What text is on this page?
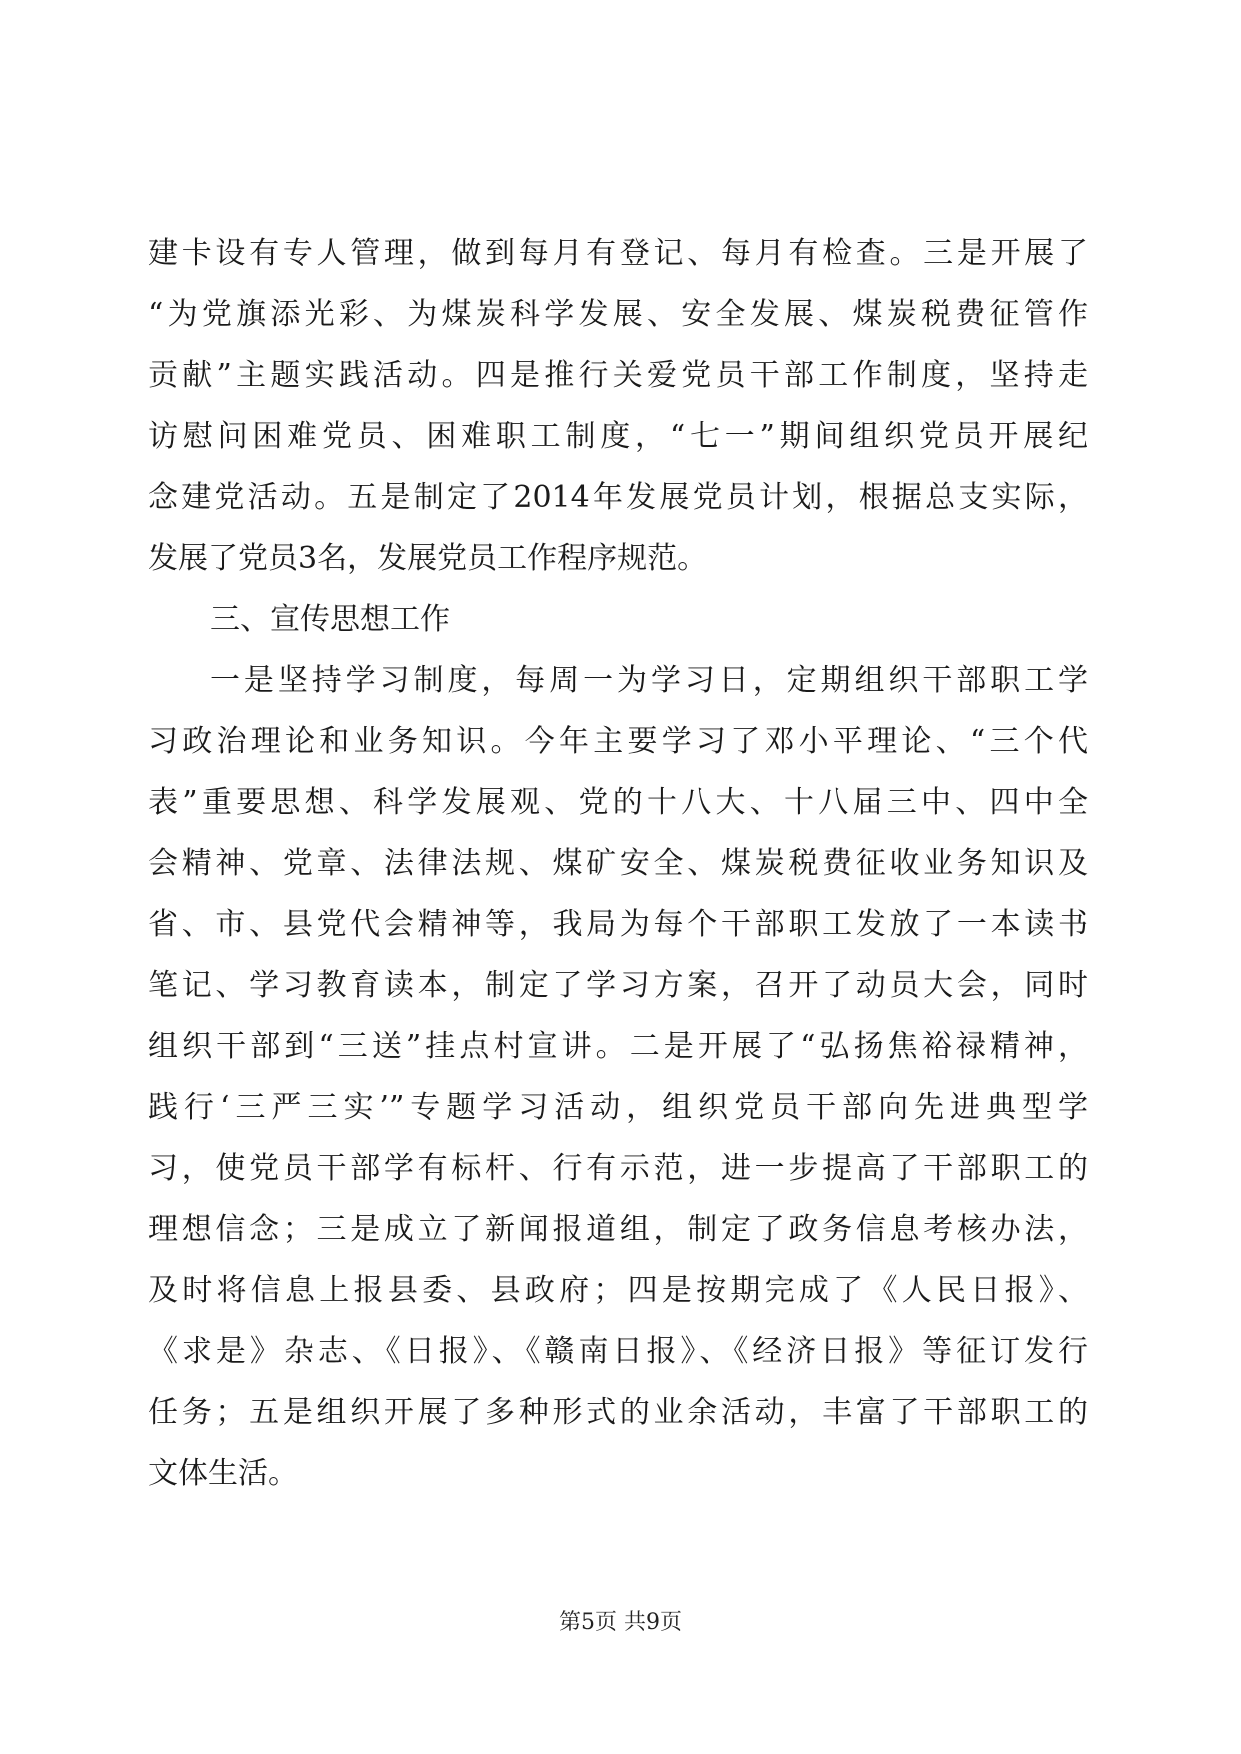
建卡设有专人管理，做到每月有登记、每月有检查。三是开展了
“为党旗添光彩、为煤炭科学发展、安全发展、煤炭税费征管作
贡献”主题实践活动。四是推行关爱党员干部工作制度，坚持走
访慰问困难党员、困难职工制度，“七一”期间组织党员开展纪
念建党活动。五是制定了2014年发展党员计划，根据总支实际，
发展了党员3名，发展党员工作程序规范。
三、宣传思想工作
一是坚持学习制度，每周一为学习日，定期组织干部职工学
习政治理论和业务知识。今年主要学习了邓小平理论、“三个代
表”重要思想、科学发展观、党的十八大、十八届三中、四中全
会精神、党章、法律法规、煤矿安全、煤炭税费征收业务知识及
省、市、县党代会精神等，我局为每个干部职工发放了一本读书
笔记、学习教育读本，制定了学习方案，召开了动员大会，同时
组织干部到“三送”挂点村宣讲。二是开展了“弘扬焦裕禄精神，
践行‘三严三实’”专题学习活动，组织党员干部向先进典型学
习，使党员干部学有标杆、行有示范，进一步提高了干部职工的
理想信念；三是成立了新闻报道组，制定了政务信息考核办法，
及时将信息上报县委、县政府；四是按期完成了《人民日报》、
《求是》杂志、《日报》、《赣南日报》、《经济日报》等征订发行
任务；五是组织开展了多种形式的业余活动，丰富了干部职工的
文体生活。
第5页 共9页
